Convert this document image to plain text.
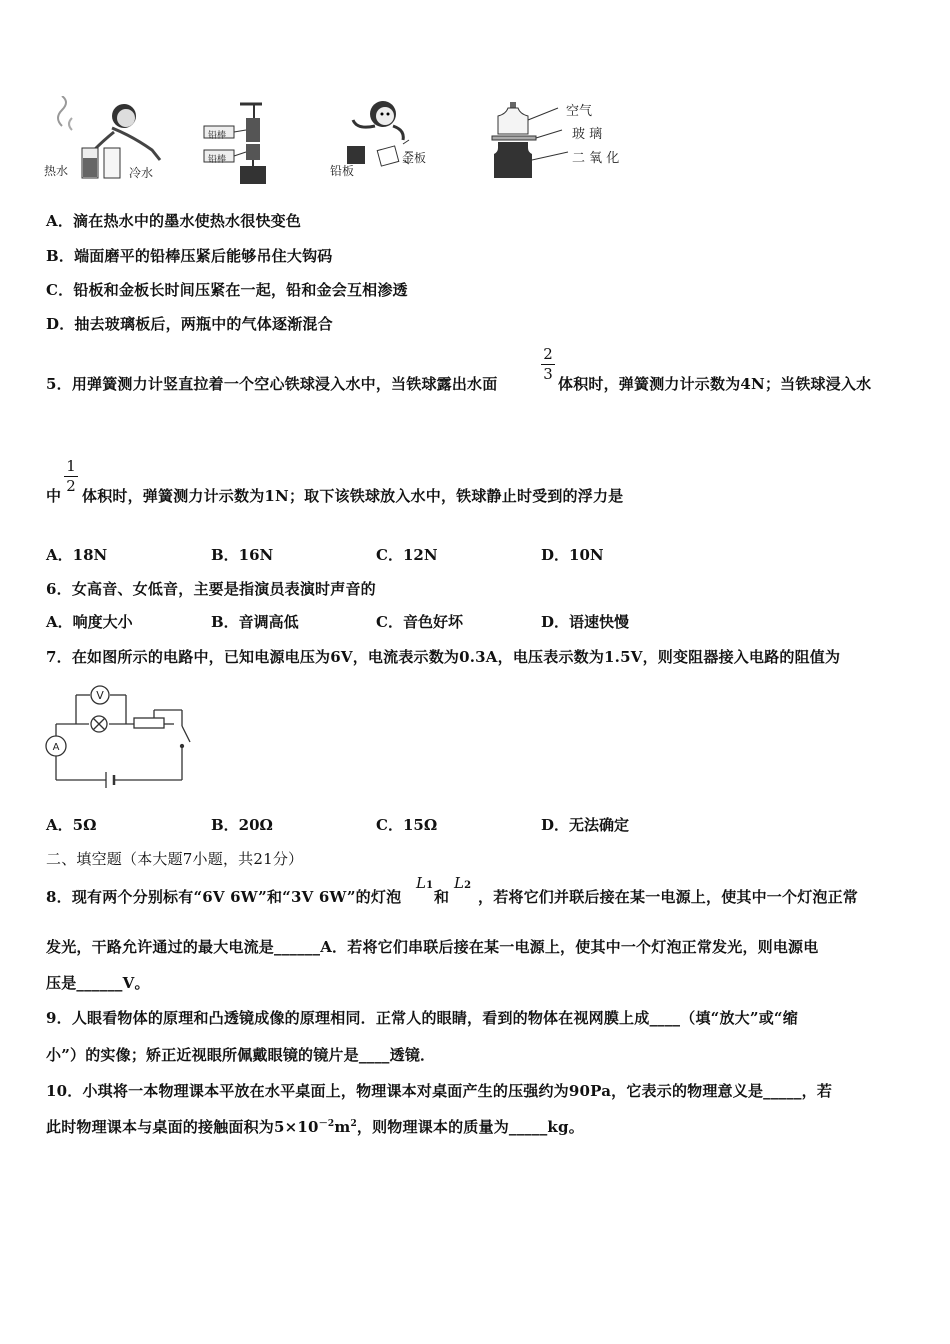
热水	冷水
铅棒
铅棒
铅板
金板
空气
玻 璃
二 氧 化
A．滴在热水中的墨水使热水很快变色
B．端面磨平的铅棒压紧后能够吊住大钩码
C．铅板和金板长时间压紧在一起，铅和金会互相渗透
D．抽去玻璃板后，两瓶中的气体逐渐混合
5．用弹簧测力计竖直拉着一个空心铁球浸入水中，当铁球露出水面
2
3
体积时，弹簧测力计示数为4N；当铁球浸入水
中
1
2
体积时，弹簧测力计示数为1N；取下该铁球放入水中，铁球静止时受到的浮力是
A．18N	B．16N	C．12N	D．10N
6．女高音、女低音，主要是指演员表演时声音的
A．响度大小	B．音调高低	C．音色好坏	D．语速快慢
7．在如图所示的电路中，已知电源电压为6V，电流表示数为0.3A，电压表示数为1.5V，则变阻器接入电路的阻值为
V
A
A．5Ω	B．20Ω	C．15Ω	D．无法确定
二、填空题（本大题7小题，共21分）
8．现有两个分别标有“6V 6W”和“3V 6W”的灯泡
L1
和
L2
，若将它们并联后接在某一电源上，使其中一个灯泡正常
发光，干路允许通过的最大电流是______A．若将它们串联后接在某一电源上，使其中一个灯泡正常发光，则电源电
压是______V。
9．人眼看物体的原理和凸透镜成像的原理相同．正常人的眼睛，看到的物体在视网膜上成____（填“放大”或“缩
小”）的实像；矫正近视眼所佩戴眼镜的镜片是____透镜．
10．小琪将一本物理课本平放在水平桌面上，物理课本对桌面产生的压强约为90Pa，它表示的物理意义是_____，若
此时物理课本与桌面的接触面积为$5\times 10^{-2}m^2$，则物理课本的质量为_____kg。
